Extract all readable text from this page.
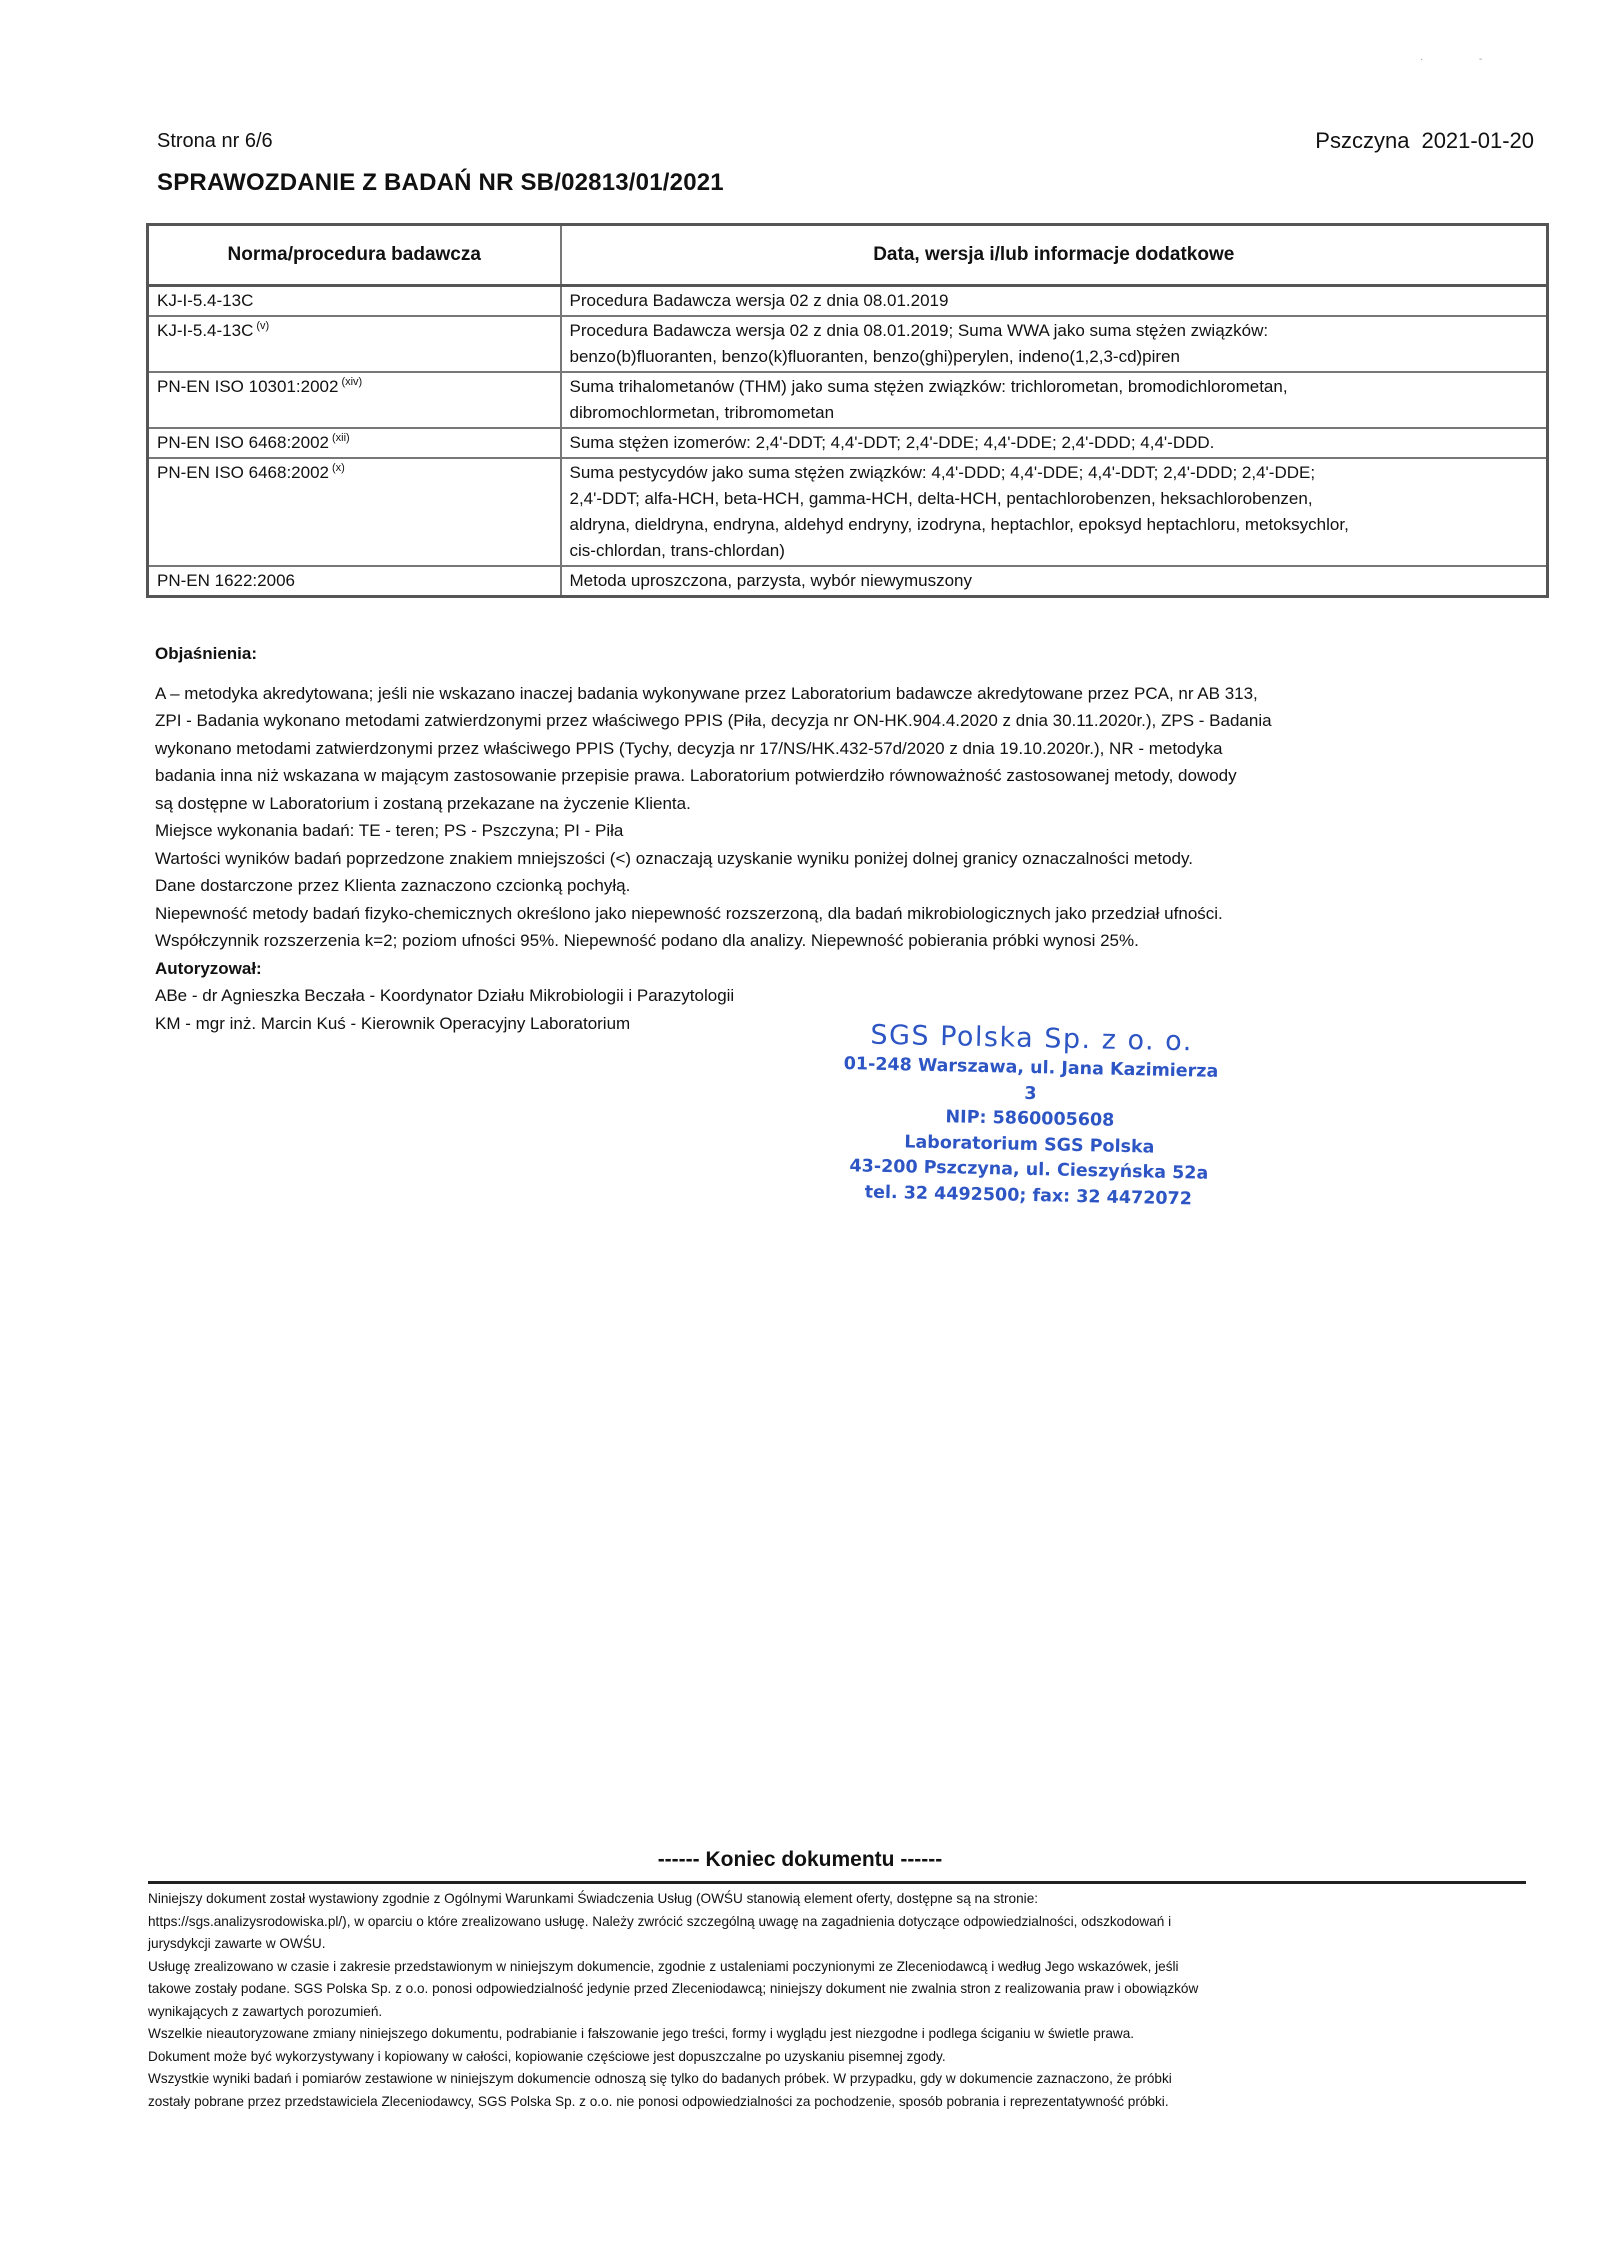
·                    -
Strona nr 6/6	Pszczyna 2021-01-20
SPRAWOZDANIE Z BADAŃ NR SB/02813/01/2021
Norma/procedura badawcza	Data, wersja i/lub informacje dodatkowe
KJ-I-5.4-13C	Procedura Badawcza wersja 02 z dnia 08.01.2019

KJ-I-5.4-13C $^{(v)}$	Procedura Badawcza wersja 02 z dnia 08.01.2019; Suma WWA jako suma stężen związków:
benzo(b)fluoranten, benzo(k)fluoranten, benzo(ghi)perylen, indeno(1,2,3-cd)piren

PN-EN ISO 10301:2002 $^{(xiv)}$	Suma trihalometanów (THM) jako suma stężen związków: trichlorometan, bromodichlorometan,
dibromochlormetan, tribromometan

PN-EN ISO 6468:2002 $^{(xii)}$	Suma stężen izomerów: 2,4'-DDT; 4,4'-DDT; 2,4'-DDE; 4,4'-DDE; 2,4'-DDD; 4,4'-DDD.

PN-EN ISO 6468:2002 $^{(x)}$	Suma pestycydów jako suma stężen związków: 4,4'-DDD; 4,4'-DDE; 4,4'-DDT; 2,4'-DDD; 2,4'-DDE;
2,4'-DDT; alfa-HCH, beta-HCH, gamma-HCH, delta-HCH, pentachlorobenzen, heksachlorobenzen,
aldryna, dieldryna, endryna, aldehyd endryny, izodryna, heptachlor, epoksyd heptachloru, metoksychlor,
cis-chlordan, trans-chlordan)

PN-EN 1622:2006	Metoda uproszczona, parzysta, wybór niewymuszony
Objaśnienia:

A – metodyka akredytowana; jeśli nie wskazano inaczej badania wykonywane przez Laboratorium badawcze akredytowane przez PCA, nr AB 313,

ZPI - Badania wykonano metodami zatwierdzonymi przez właściwego PPIS (Piła, decyzja nr ON-HK.904.4.2020 z dnia 30.11.2020r.), ZPS - Badania

wykonano metodami zatwierdzonymi przez właściwego PPIS (Tychy, decyzja nr 17/NS/HK.432-57d/2020 z dnia 19.10.2020r.), NR - metodyka

badania inna niż wskazana w mającym zastosowanie przepisie prawa. Laboratorium potwierdziło równoważność zastosowanej metody, dowody

są dostępne w Laboratorium i zostaną przekazane na życzenie Klienta.

Miejsce wykonania badań: TE - teren; PS - Pszczyna; PI - Piła

Wartości wyników badań poprzedzone znakiem mniejszości (<) oznaczają uzyskanie wyniku poniżej dolnej granicy oznaczalności metody.

Dane dostarczone przez Klienta zaznaczono czcionką pochyłą.

Niepewność metody badań fizyko-chemicznych określono jako niepewność rozszerzoną, dla badań mikrobiologicznych jako przedział ufności.

Współczynnik rozszerzenia k=2; poziom ufności 95%. Niepewność podano dla analizy. Niepewność pobierania próbki wynosi 25%.

Autoryzował:

ABe - dr Agnieszka Beczała - Koordynator Działu Mikrobiologii i Parazytologii

KM - mgr inż. Marcin Kuś - Kierownik Operacyjny Laboratorium	SGS Polska Sp. z o. o.
01-248 Warszawa, ul. Jana Kazimierza 3
NIP: 5860005608
Laboratorium SGS Polska
43-200 Pszczyna, ul. Cieszyńska 52a
tel. 32 4492500; fax: 32 4472072
------ Koniec dokumentu ------

Niniejszy dokument został wystawiony zgodnie z Ogólnymi Warunkami Świadczenia Usług (OWŚU stanowią element oferty, dostępne są na stronie:

https://sgs.analizysrodowiska.pl/), w oparciu o które zrealizowano usługę. Należy zwrócić szczególną uwagę na zagadnienia dotyczące odpowiedzialności, odszkodowań i

jurysdykcji zawarte w OWŚU.

Usługę zrealizowano w czasie i zakresie przedstawionym w niniejszym dokumencie, zgodnie z ustaleniami poczynionymi ze Zleceniodawcą i według Jego wskazówek, jeśli

takowe zostały podane. SGS Polska Sp. z o.o. ponosi odpowiedzialność jedynie przed Zleceniodawcą; niniejszy dokument nie zwalnia stron z realizowania praw i obowiązków

wynikających z zawartych porozumień.

Wszelkie nieautoryzowane zmiany niniejszego dokumentu, podrabianie i fałszowanie jego treści, formy i wyglądu jest niezgodne i podlega ściganiu w świetle prawa.

Dokument może być wykorzystywany i kopiowany w całości, kopiowanie częściowe jest dopuszczalne po uzyskaniu pisemnej zgody.

Wszystkie wyniki badań i pomiarów zestawione w niniejszym dokumencie odnoszą się tylko do badanych próbek. W przypadku, gdy w dokumencie zaznaczono, że próbki

zostały pobrane przez przedstawiciela Zleceniodawcy, SGS Polska Sp. z o.o. nie ponosi odpowiedzialności za pochodzenie, sposób pobrania i reprezentatywność próbki.
